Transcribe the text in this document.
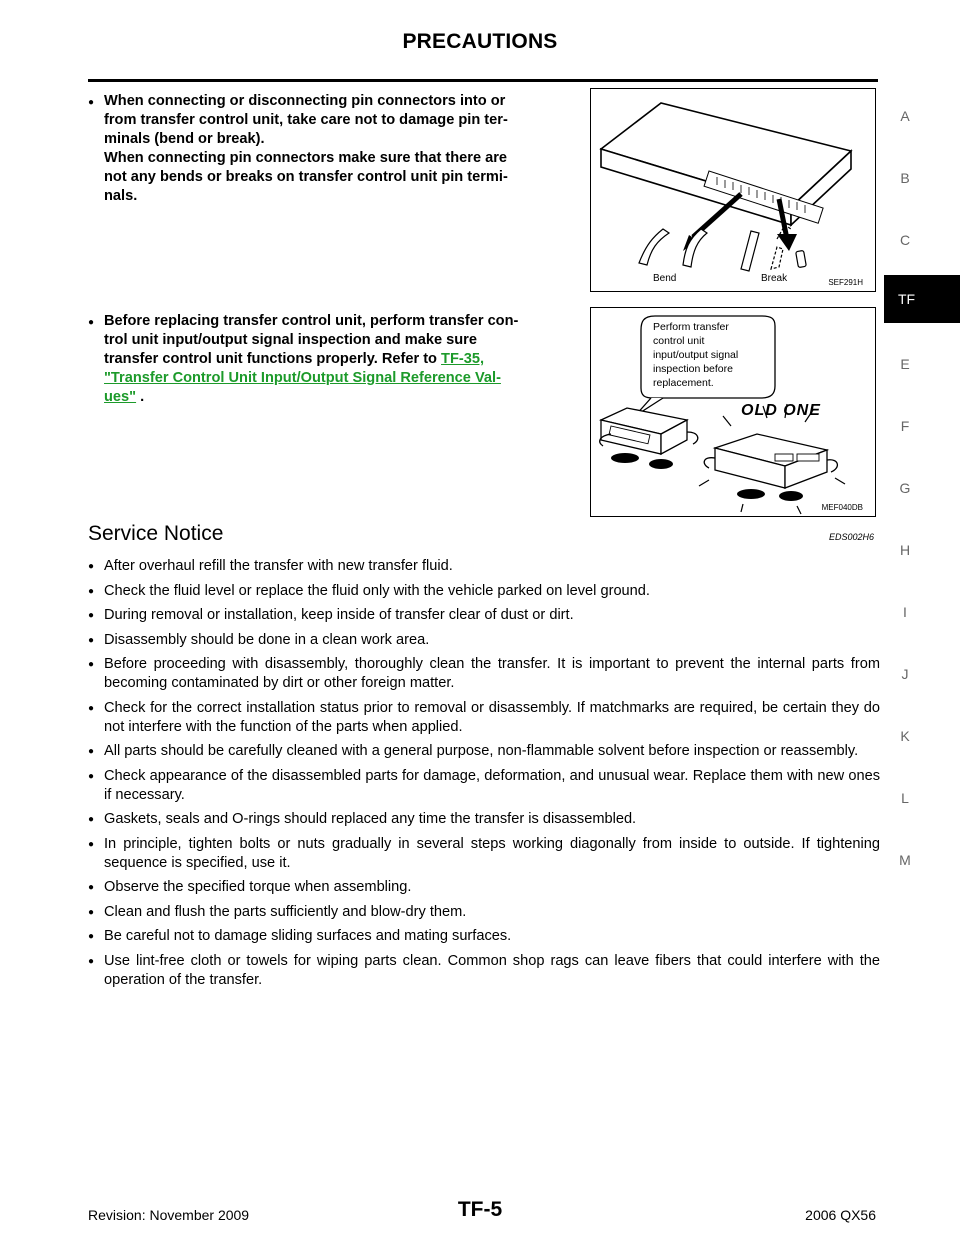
PRECAUTIONS
A
B
C
TF
E
F
G
H
I
J
K
L
M
● When connecting or disconnecting pin connectors into or
from transfer control unit, take care not to damage pin ter-
minals (bend or break).
When connecting pin connectors make sure that there are
not any bends or breaks on transfer control unit pin termi-
nals.
Bend	Break	SEF291H
● Before replacing transfer control unit, perform transfer con-
trol unit input/output signal inspection and make sure
transfer control unit functions properly. Refer to TF-35,
"Transfer Control Unit Input/Output Signal Reference Val-
ues" .
Perform transfer
control unit
input/output signal
inspection before
replacement.
OLD ONE
MEF040DB
Service Notice	EDS002H6
● After overhaul refill the transfer with new transfer fluid.
● Check the fluid level or replace the fluid only with the vehicle parked on level ground.
● During removal or installation, keep inside of transfer clear of dust or dirt.
● Disassembly should be done in a clean work area.
● Before proceeding with disassembly, thoroughly clean the transfer. It is important to prevent the internal parts from becoming contaminated by dirt or other foreign matter.
● Check for the correct installation status prior to removal or disassembly. If matchmarks are required, be certain they do not interfere with the function of the parts when applied.
● All parts should be carefully cleaned with a general purpose, non-flammable solvent before inspection or reassembly.
● Check appearance of the disassembled parts for damage, deformation, and unusual wear. Replace them with new ones if necessary.
● Gaskets, seals and O-rings should replaced any time the transfer is disassembled.
● In principle, tighten bolts or nuts gradually in several steps working diagonally from inside to outside. If tightening sequence is specified, use it.
● Observe the specified torque when assembling.
● Clean and flush the parts sufficiently and blow-dry them.
● Be careful not to damage sliding surfaces and mating surfaces.
● Use lint-free cloth or towels for wiping parts clean. Common shop rags can leave fibers that could interfere with the operation of the transfer.
Revision: November 2009	TF-5	2006 QX56
